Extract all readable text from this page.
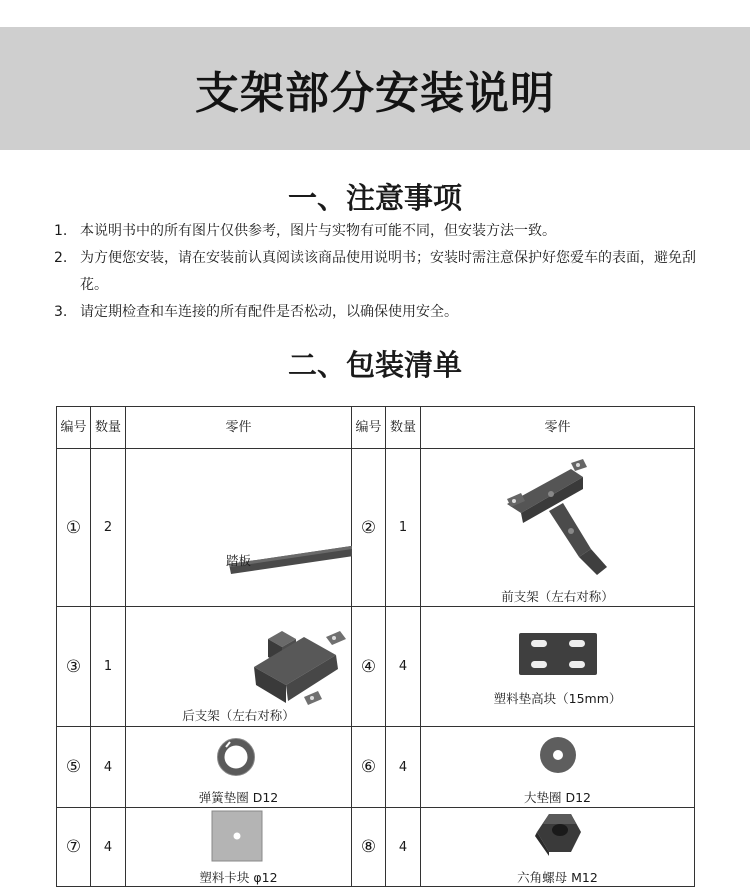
支架部分安装说明
一、注意事项
1. 本说明书中的所有图片仅供参考，图片与实物有可能不同，但安装方法一致。
2. 为方便您安装，请在安装前认真阅读该商品使用说明书；安装时需注意保护好您爱车的表面，避免刮花。
3. 请定期检查和车连接的所有配件是否松动，以确保使用安全。
二、包装清单
编号	数量	零件	编号	数量	零件
①	2	踏板	②	1	前支架（左右对称）

③	1	后支架（左右对称）	④	4	塑料垫高块（15mm）

⑤	4	弹簧垫圈 D12	⑥	4	大垫圈 D12

⑦	4	塑料卡块 φ12	⑧	4	六角螺母 M12
